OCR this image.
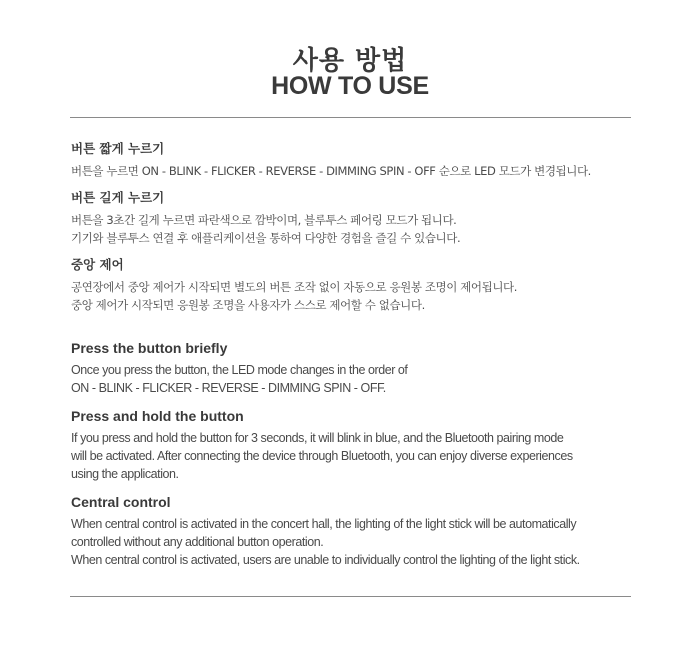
사용 방법
HOW TO USE
버튼 짧게 누르기
버튼을 누르면 ON - BLINK - FLICKER - REVERSE - DIMMING SPIN - OFF 순으로 LED 모드가 변경됩니다.
버튼 길게 누르기
버튼을 3초간 길게 누르면 파란색으로 깜박이며, 블루투스 페어링 모드가 됩니다.
기기와 블루투스 연결 후 애플리케이션을 통하여 다양한 경험을 즐길 수 있습니다.
중앙 제어
공연장에서 중앙 제어가 시작되면 별도의 버튼 조작 없이 자동으로 응원봉 조명이 제어됩니다.
중앙 제어가 시작되면 응원봉 조명을 사용자가 스스로 제어할 수 없습니다.
Press the button briefly
Once you press the button, the LED mode changes in the order of
ON - BLINK - FLICKER - REVERSE - DIMMING SPIN - OFF.
Press and hold the button
If you press and hold the button for 3 seconds, it will blink in blue, and the Bluetooth pairing mode
will be activated. After connecting the device through Bluetooth, you can enjoy diverse experiences
using the application.
Central control
When central control is activated in the concert hall, the lighting of the light stick will be automatically
controlled without any additional button operation.
When central control is activated, users are unable to individually control the lighting of the light stick.
